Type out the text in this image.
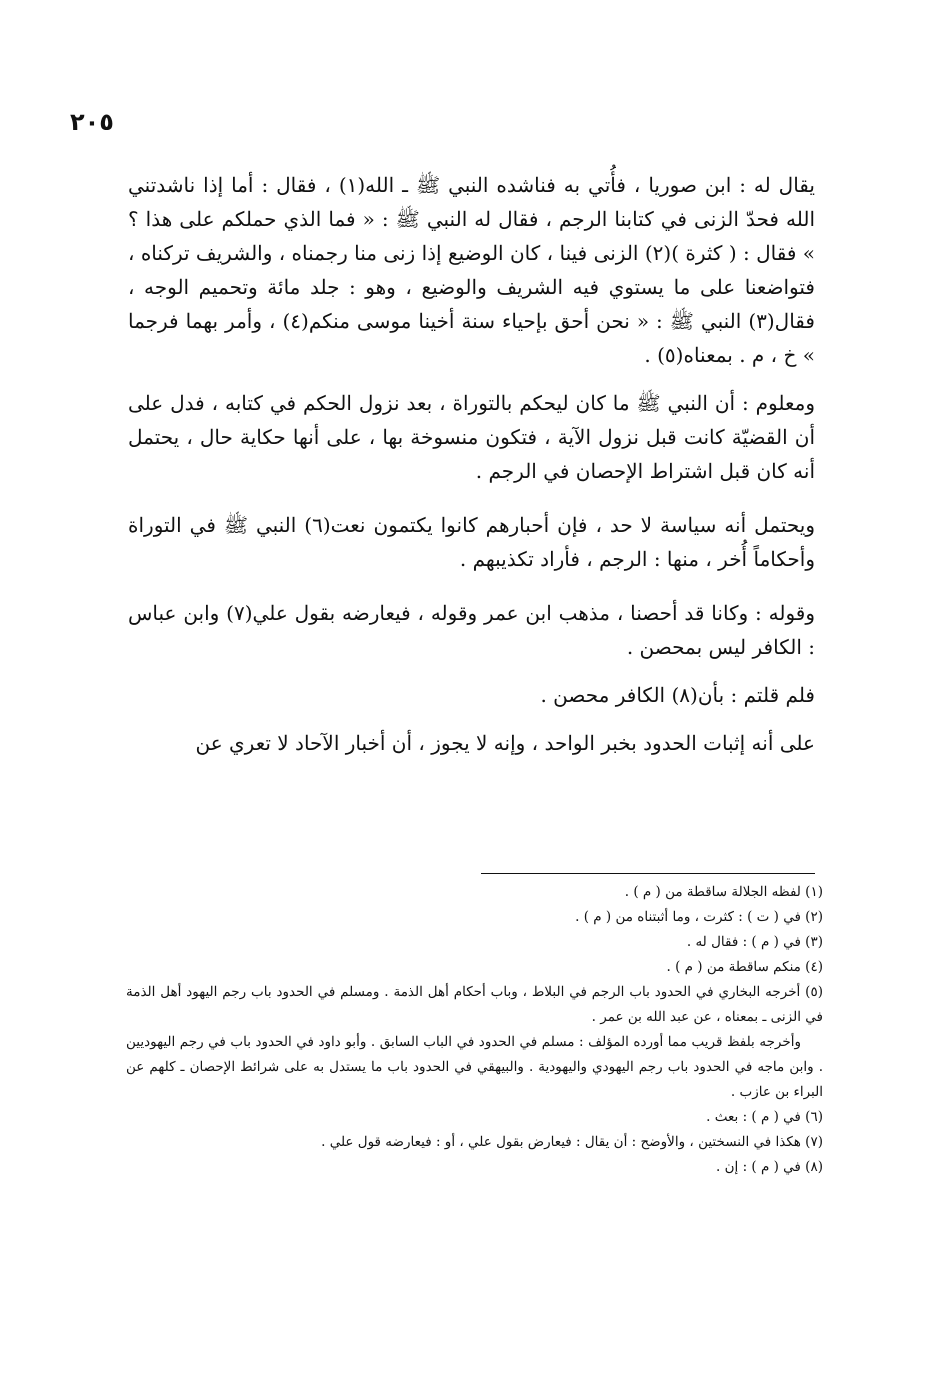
٢٠٥

يقال له : ابن صوريا ، فأُتي به فناشده النبي ﷺ ـ الله(١) ، فقال : أما إذا ناشدتني الله فحدّ الزنى في كتابنا الرجم ، فقال له النبي ﷺ : « فما الذي حملكم على هذا ؟ » فقال : ( كثرة )(٢) الزنى فينا ، كان الوضيع إذا زنى منا رجمناه ، والشريف تركناه ، فتواضعنا على ما يستوي فيه الشريف والوضيع ، وهو : جلد مائة وتحميم الوجه ، فقال(٣) النبي ﷺ : « نحن أحق بإحياء سنة أخينا موسى منكم(٤) ، وأمر بهما فرجما » خ ، م . بمعناه(٥) .

ومعلوم : أن النبي ﷺ ما كان ليحكم بالتوراة ، بعد نزول الحكم في كتابه ، فدل على أن القضيّة كانت قبل نزول الآية ، فتكون منسوخة بها ، على أنها حكاية حال ، يحتمل أنه كان قبل اشتراط الإحصان في الرجم .

ويحتمل أنه سياسة لا حد ، فإن أحبارهم كانوا يكتمون نعت(٦) النبي ﷺ في التوراة وأحكاماً أُخر ، منها : الرجم ، فأراد تكذيبهم .

وقوله : وكانا قد أحصنا ، مذهب ابن عمر وقوله ، فيعارضه بقول علي(٧) وابن عباس : الكافر ليس بمحصن .

فلم قلتم : بأن(٨) الكافر محصن .

على أنه إثبات الحدود بخبر الواحد ، وإنه لا يجوز ، أن أخبار الآحاد لا تعري عن

(١) لفظه الجلالة ساقطة من ( م ) .

(٢) في ( ت ) : كثرت ، وما أثبتناه من ( م ) .

(٣) في ( م ) : فقال له .

(٤) منكم ساقطة من ( م ) .

(٥) أخرجه البخاري في الحدود باب الرجم في البلاط ، وباب أحكام أهل الذمة . ومسلم في الحدود باب رجم اليهود أهل الذمة في الزنى ـ بمعناه ، عن عبد الله بن عمر .

وأخرجه بلفظ قريب مما أورده المؤلف : مسلم في الحدود في الباب السابق . وأبو داود في الحدود باب في رجم اليهوديين . وابن ماجه في الحدود باب رجم اليهودي واليهودية . والبيهقي في الحدود باب ما يستدل به على شرائط الإحصان ـ كلهم عن البراء بن عازب .

(٦) في ( م ) : بعث .

(٧) هكذا في النسختين ، والأوضح : أن يقال : فيعارض بقول علي ، أو : فيعارضه قول علي .

(٨) في ( م ) : إن .
